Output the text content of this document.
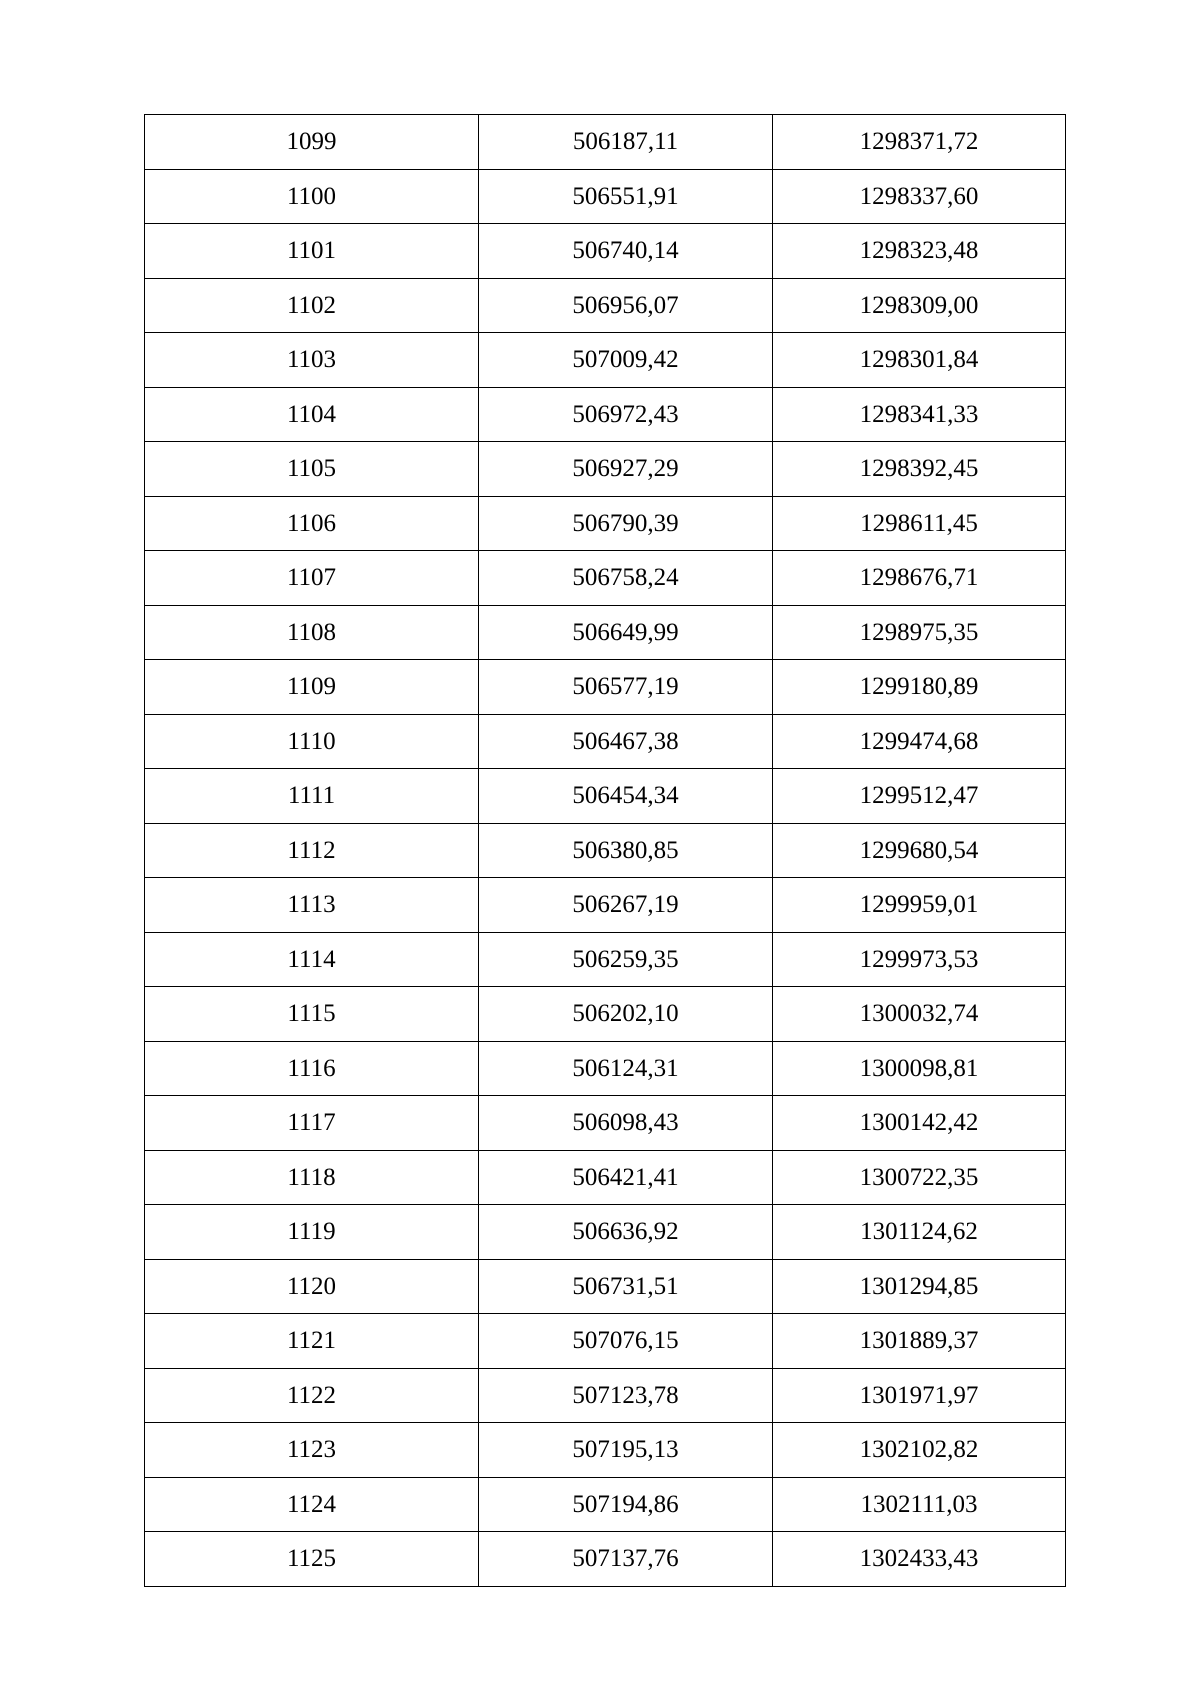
1099	506187,11	1298371,72
1100	506551,91	1298337,60
1101	506740,14	1298323,48
1102	506956,07	1298309,00
1103	507009,42	1298301,84
1104	506972,43	1298341,33
1105	506927,29	1298392,45
1106	506790,39	1298611,45
1107	506758,24	1298676,71
1108	506649,99	1298975,35
1109	506577,19	1299180,89
1110	506467,38	1299474,68
1111	506454,34	1299512,47
1112	506380,85	1299680,54
1113	506267,19	1299959,01
1114	506259,35	1299973,53
1115	506202,10	1300032,74
1116	506124,31	1300098,81
1117	506098,43	1300142,42
1118	506421,41	1300722,35
1119	506636,92	1301124,62
1120	506731,51	1301294,85
1121	507076,15	1301889,37
1122	507123,78	1301971,97
1123	507195,13	1302102,82
1124	507194,86	1302111,03
1125	507137,76	1302433,43
